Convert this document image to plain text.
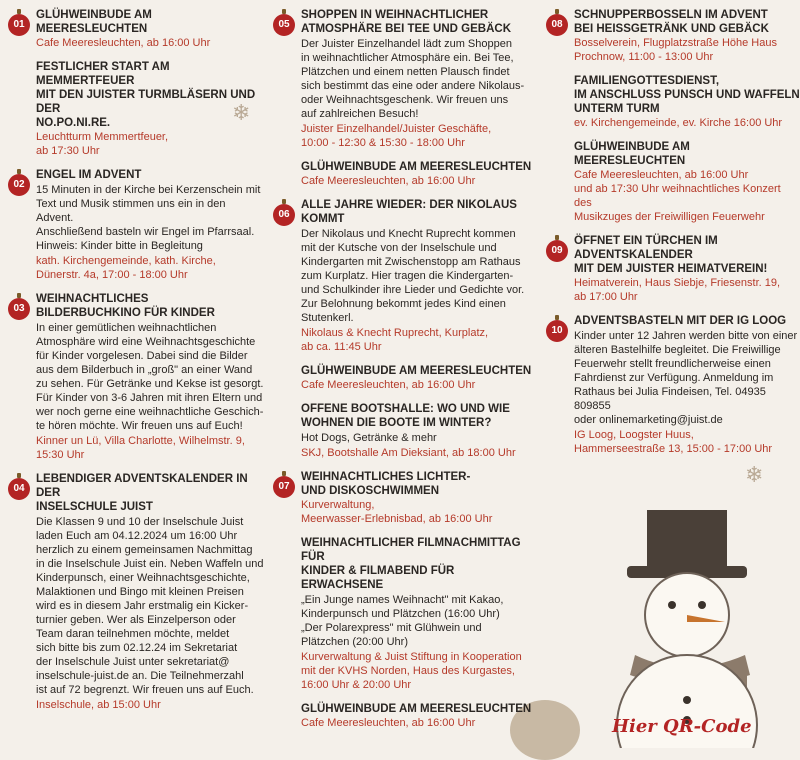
❄
❄
01

GLÜHWEINBUDE AM MEERESLEUCHTEN

Cafe Meeresleuchten, ab 16:00 Uhr

FESTLICHER START AM MEMMERTFEUER
MIT DEN JUISTER TURMBLÄSERN UND DER
NO.PO.NI.RE.

Leuchtturm Memmertfeuer,
ab 17:30 Uhr

02

ENGEL IM ADVENT

15 Minuten in der Kirche bei Kerzenschein mit
Text und Musik stimmen uns ein in den Advent.
Anschließend basteln wir Engel im Pfarrsaal.
Hinweis: Kinder bitte in Begleitung

kath. Kirchengemeinde, kath. Kirche,
Dünerstr. 4a, 17:00 - 18:00 Uhr

03

WEIHNACHTLICHES
BILDERBUCHKINO FÜR KINDER

In einer gemütlichen weihnachtlichen
Atmosphäre wird eine Weihnachtsgeschichte
für Kinder vorgelesen. Dabei sind die Bilder
aus dem Bilderbuch in „groß" an einer Wand
zu sehen. Für Getränke und Kekse ist gesorgt.
Für Kinder von 3-6 Jahren mit ihren Eltern und
wer noch gerne eine weihnachtliche Geschich-
te hören möchte. Wir freuen uns auf Euch!

Kinner un Lü, Villa Charlotte, Wilhelmstr. 9,
15:30 Uhr

04

LEBENDIGER ADVENTSKALENDER IN DER
INSELSCHULE JUIST

Die Klassen 9 und 10 der Inselschule Juist
laden Euch am 04.12.2024 um 16:00 Uhr
herzlich zu einem gemeinsamen Nachmittag
in die Inselschule Juist ein. Neben Waffeln und
Kinderpunsch, einer Weihnachtsgeschichte,
Malaktionen und Bingo mit kleinen Preisen
wird es in diesem Jahr erstmalig ein Kicker-
turnier geben. Wer als Einzelperson oder
Team daran teilnehmen möchte, meldet
sich bitte bis zum 02.12.24 im Sekretariat
der Inselschule Juist unter sekretariat@
inselschule-juist.de an. Die Teilnehmerzahl
ist auf 72 begrenzt. Wir freuen uns auf Euch.

Inselschule, ab 15:00 Uhr

05

SHOPPEN IN WEIHNACHTLICHER
ATMOSPHÄRE BEI TEE UND GEBÄCK

Der Juister Einzelhandel lädt zum Shoppen
in weihnachtlicher Atmosphäre ein. Bei Tee,
Plätzchen und einem netten Plausch findet
sich bestimmt das eine oder andere Nikolaus-
oder Weihnachtsgeschenk. Wir freuen uns
auf zahlreichen Besuch!

Juister Einzelhandel/Juister Geschäfte,
10:00 - 12:30 & 15:30 - 18:00 Uhr

GLÜHWEINBUDE AM MEERESLEUCHTEN

Cafe Meeresleuchten, ab 16:00 Uhr

06

ALLE JAHRE WIEDER: DER NIKOLAUS KOMMT

Der Nikolaus und Knecht Ruprecht kommen
mit der Kutsche von der Inselschule und
Kindergarten mit Zwischenstopp am Rathaus
zum Kurplatz. Hier tragen die Kindergarten-
und Schulkinder ihre Lieder und Gedichte vor.
Zur Belohnung bekommt jedes Kind einen
Stutenkerl.

Nikolaus & Knecht Ruprecht, Kurplatz,
ab ca. 11:45 Uhr

GLÜHWEINBUDE AM MEERESLEUCHTEN

Cafe Meeresleuchten, ab 16:00 Uhr

OFFENE BOOTSHALLE: WO UND WIE
WOHNEN DIE BOOTE IM WINTER?

Hot Dogs, Getränke & mehr

SKJ, Bootshalle Am Dieksiant, ab 18:00 Uhr

07

WEIHNACHTLICHES LICHTER-
UND DISKOSCHWIMMEN

Kurverwaltung,
Meerwasser-Erlebnisbad, ab 16:00 Uhr

WEIHNACHTLICHER FILMNACHMITTAG FÜR
KINDER & FILMABEND FÜR ERWACHSENE

„Ein Junge names Weihnacht" mit Kakao,
Kinderpunsch und Plätzchen (16:00 Uhr)
„Der Polarexpress" mit Glühwein und
Plätzchen (20:00 Uhr)

Kurverwaltung & Juist Stiftung in Kooperation
mit der KVHS Norden, Haus des Kurgastes,
16:00 Uhr & 20:00 Uhr

GLÜHWEINBUDE AM MEERESLEUCHTEN

Cafe Meeresleuchten, ab 16:00 Uhr

08

SCHNUPPERBOSSELN IM ADVENT
BEI HEISSGETRÄNK UND GEBÄCK

Bosselverein, Flugplatzstraße Höhe Haus
Prochnow, 11:00 - 13:00 Uhr

FAMILIENGOTTESDIENST,
IM ANSCHLUSS PUNSCH UND WAFFELN
UNTERM TURM

ev. Kirchengemeinde, ev. Kirche 16:00 Uhr

GLÜHWEINBUDE AM MEERESLEUCHTEN

Cafe Meeresleuchten, ab 16:00 Uhr
und ab 17:30 Uhr weihnachtliches Konzert des
Musikzuges der Freiwilligen Feuerwehr

09

ÖFFNET EIN TÜRCHEN IM ADVENTSKALENDER
MIT DEM JUISTER HEIMATVEREIN!

Heimatverein, Haus Siebje, Friesenstr. 19,
ab 17:00 Uhr

10

ADVENTSBASTELN MIT DER IG LOOG

Kinder unter 12 Jahren werden bitte von einer
älteren Bastelhilfe begleitet. Die Freiwillige
Feuerwehr stellt freundlicherweise einen
Fahrdienst zur Verfügung. Anmeldung im
Rathaus bei Julia Findeisen, Tel. 04935 809855
oder onlinemarketing@juist.de

IG Loog, Loogster Huus,
Hammerseestraße 13, 15:00 - 17:00 Uhr

Hier QR-Code
